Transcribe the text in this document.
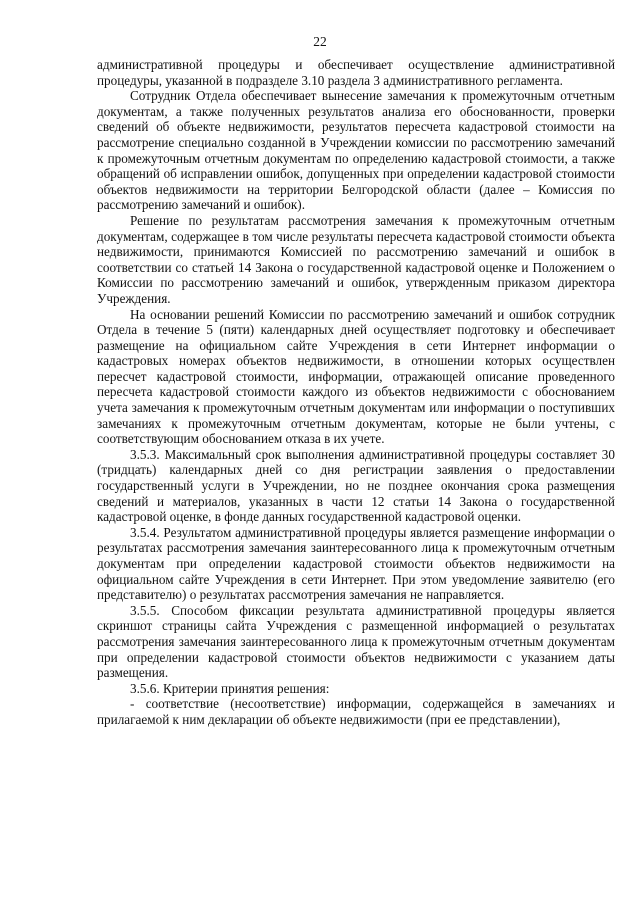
22

административной процедуры и обеспечивает осуществление административной процедуры, указанной в подразделе 3.10 раздела 3 административного регламента.

Сотрудник Отдела обеспечивает вынесение замечания к промежуточным отчетным документам, а также полученных результатов анализа его обоснованности, проверки сведений об объекте недвижимости, результатов пересчета кадастровой стоимости на рассмотрение специально созданной в Учреждении комиссии по рассмотрению замечаний к промежуточным отчетным документам по определению кадастровой стоимости, а также обращений об исправлении ошибок, допущенных при определении кадастровой стоимости объектов недвижимости на территории Белгородской области (далее – Комиссия по рассмотрению замечаний и ошибок).

Решение по результатам рассмотрения замечания к промежуточным отчетным документам, содержащее в том числе результаты пересчета кадастровой стоимости объекта недвижимости, принимаются Комиссией по рассмотрению замечаний и ошибок в соответствии со статьей 14 Закона о государственной кадастровой оценке и Положением о Комиссии по рассмотрению замечаний и ошибок, утвержденным приказом директора Учреждения.

На основании решений Комиссии по рассмотрению замечаний и ошибок сотрудник Отдела в течение 5 (пяти) календарных дней осуществляет подготовку и обеспечивает размещение на официальном сайте Учреждения в сети Интернет информации о кадастровых номерах объектов недвижимости, в отношении которых осуществлен пересчет кадастровой стоимости, информации, отражающей описание проведенного пересчета кадастровой стоимости каждого из объектов недвижимости с обоснованием учета замечания к промежуточным отчетным документам или информации о поступивших замечаниях к промежуточным отчетным документам, которые не были учтены, с соответствующим обоснованием отказа в их учете.

3.5.3. Максимальный срок выполнения административной процедуры составляет 30 (тридцать) календарных дней со дня регистрации заявления о предоставлении государственный услуги в Учреждении, но не позднее окончания срока размещения сведений и материалов, указанных в части 12 статьи 14 Закона о государственной кадастровой оценке, в фонде данных государственной кадастровой оценки.

3.5.4. Результатом административной процедуры является размещение информации о результатах рассмотрения замечания заинтересованного лица к промежуточным отчетным документам при определении кадастровой стоимости объектов недвижимости на официальном сайте Учреждения в сети Интернет. При этом уведомление заявителю (его представителю) о результатах рассмотрения замечания не направляется.

3.5.5. Способом фиксации результата административной процедуры является скриншот страницы сайта Учреждения с размещенной информацией о результатах рассмотрения замечания заинтересованного лица к промежуточным отчетным документам при определении кадастровой стоимости объектов недвижимости с указанием даты размещения.

3.5.6. Критерии принятия решения:

- соответствие (несоответствие) информации, содержащейся в замечаниях и прилагаемой к ним декларации об объекте недвижимости (при ее представлении),
